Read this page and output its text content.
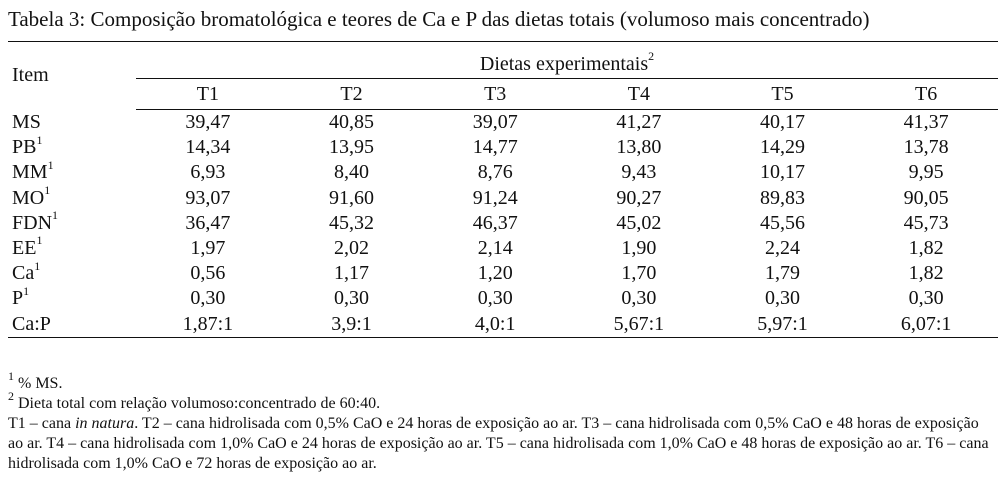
Tabela 3: Composição bromatológica e teores de Ca e P das dietas totais (volumoso mais concentrado)
Item	Dietas experimentais$^2$
	T1	T2	T3	T4	T5	T6
MS	39,47	40,85	39,07	41,27	40,17	41,37
$PB^1$	14,34	13,95	14,77	13,80	14,29	13,78
$MM^1$	6,93	8,40	8,76	9,43	10,17	9,95
$MO^1$	93,07	91,60	91,24	90,27	89,83	90,05
FDN$^1$	36,47	45,32	46,37	45,02	45,56	45,73
$EE^1$	1,97	2,02	2,14	1,90	2,24	1,82
Ca$^1$	0,56	1,17	1,20	1,70	1,79	1,82
$P^1$	0,30	0,30	0,30	0,30	0,30	0,30
Ca:P	1,87:1	3,9:1	4,0:1	5,67:1	5,97:1	6,07:1

$^1$ % MS.

$^2$ Dieta total com relação volumoso:concentrado de 60:40.

T1 – cana in natura. T2 – cana hidrolisada com 0,5% CaO e 24 horas de exposição ao ar. T3 – cana hidrolisada com 0,5% CaO e 48 horas de exposição ao ar. T4 – cana hidrolisada com 1,0% CaO e 24 horas de exposição ao ar. T5 – cana hidrolisada com 1,0% CaO e 48 horas de exposição ao ar. T6 – cana hidrolisada com 1,0% CaO e 72 horas de exposição ao ar.
